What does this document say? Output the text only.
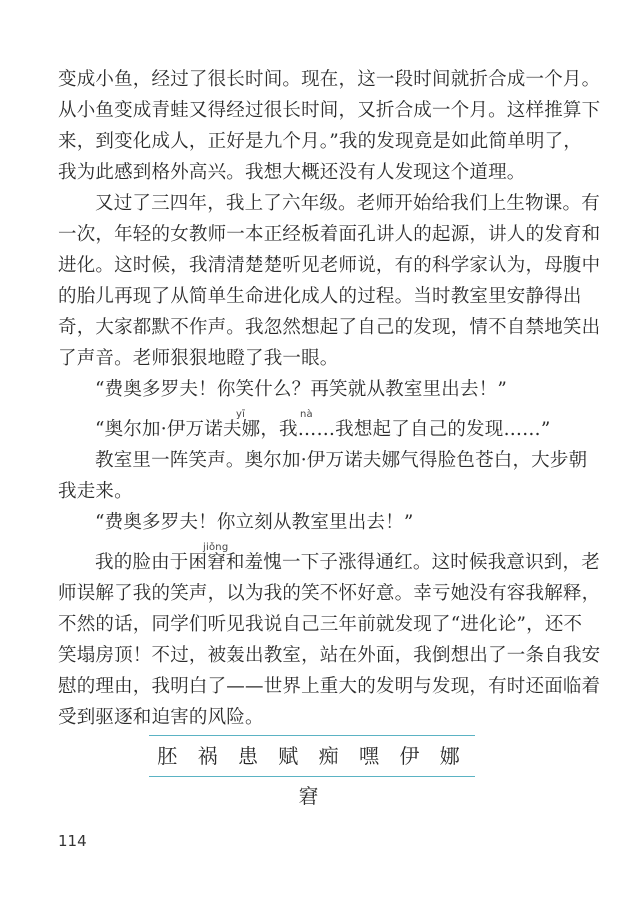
变成小鱼，经过了很长时间。现在，这一段时间就折合成一个月。
从小鱼变成青蛙又得经过很长时间，又折合成一个月。这样推算下
来，到变化成人，正好是九个月。”我的发现竟是如此简单明了，
我为此感到格外高兴。我想大概还没有人发现这个道理。
又过了三四年，我上了六年级。老师开始给我们上生物课。有
一次，年轻的女教师一本正经板着面孔讲人的起源，讲人的发育和
进化。这时候，我清清楚楚听见老师说，有的科学家认为，母腹中
的胎儿再现了从简单生命进化成人的过程。当时教室里安静得出
奇，大家都默不作声。我忽然想起了自己的发现，情不自禁地笑出
了声音。老师狠狠地瞪了我一眼。
“费奥多罗夫！你笑什么？再笑就从教室里出去！”
yī	nà
“奥尔加·伊万诺夫娜，我……我想起了自己的发现……”
教室里一阵笑声。奥尔加·伊万诺夫娜气得脸色苍白，大步朝
我走来。
“费奥多罗夫！你立刻从教室里出去！”
jiǒng
我的脸由于困窘和羞愧一下子涨得通红。这时候我意识到，老
师误解了我的笑声，以为我的笑不怀好意。幸亏她没有容我解释，
不然的话，同学们听见我说自己三年前就发现了“进化论”，还不
笑塌房顶！不过，被轰出教室，站在外面，我倒想出了一条自我安
慰的理由，我明白了——世界上重大的发明与发现，有时还面临着
受到驱逐和迫害的风险。
胚 祸 患 赋 痴 嘿 伊 娜 窘
114
